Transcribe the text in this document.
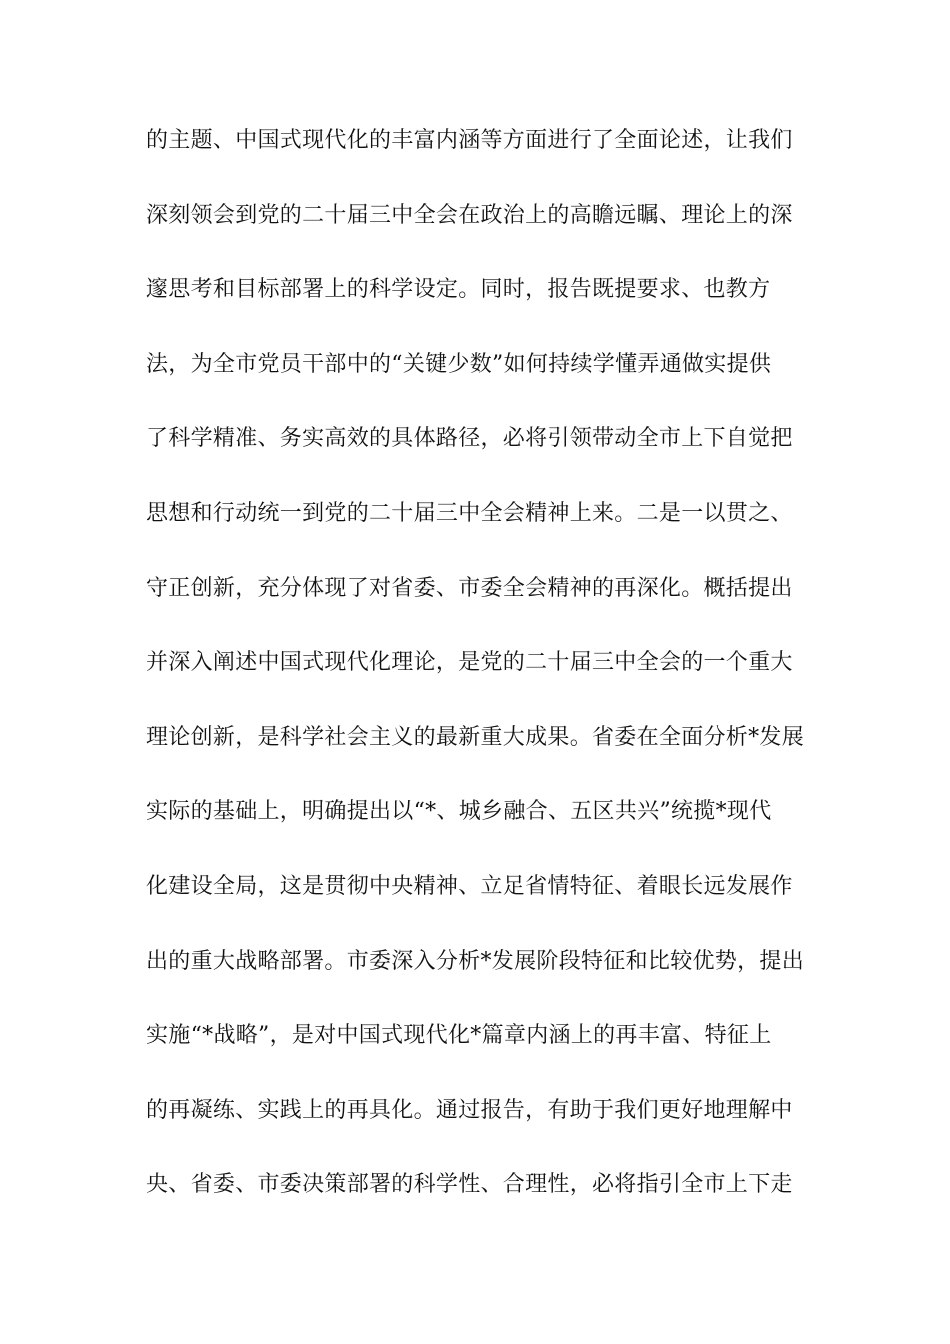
的主题、中国式现代化的丰富内涵等方面进行了全面论述，让我们
深刻领会到党的二十届三中全会在政治上的高瞻远瞩、理论上的深
邃思考和目标部署上的科学设定。同时，报告既提要求、也教方
法，为全市党员干部中的“关键少数”如何持续学懂弄通做实提供
了科学精准、务实高效的具体路径，必将引领带动全市上下自觉把
思想和行动统一到党的二十届三中全会精神上来。二是一以贯之、
守正创新，充分体现了对省委、市委全会精神的再深化。概括提出
并深入阐述中国式现代化理论，是党的二十届三中全会的一个重大
理论创新，是科学社会主义的最新重大成果。省委在全面分析*发展
实际的基础上，明确提出以“*、城乡融合、五区共兴”统揽*现代
化建设全局，这是贯彻中央精神、立足省情特征、着眼长远发展作
出的重大战略部署。市委深入分析*发展阶段特征和比较优势，提出
实施“*战略”，是对中国式现代化*篇章内涵上的再丰富、特征上
的再凝练、实践上的再具化。通过报告，有助于我们更好地理解中
央、省委、市委决策部署的科学性、合理性，必将指引全市上下走
